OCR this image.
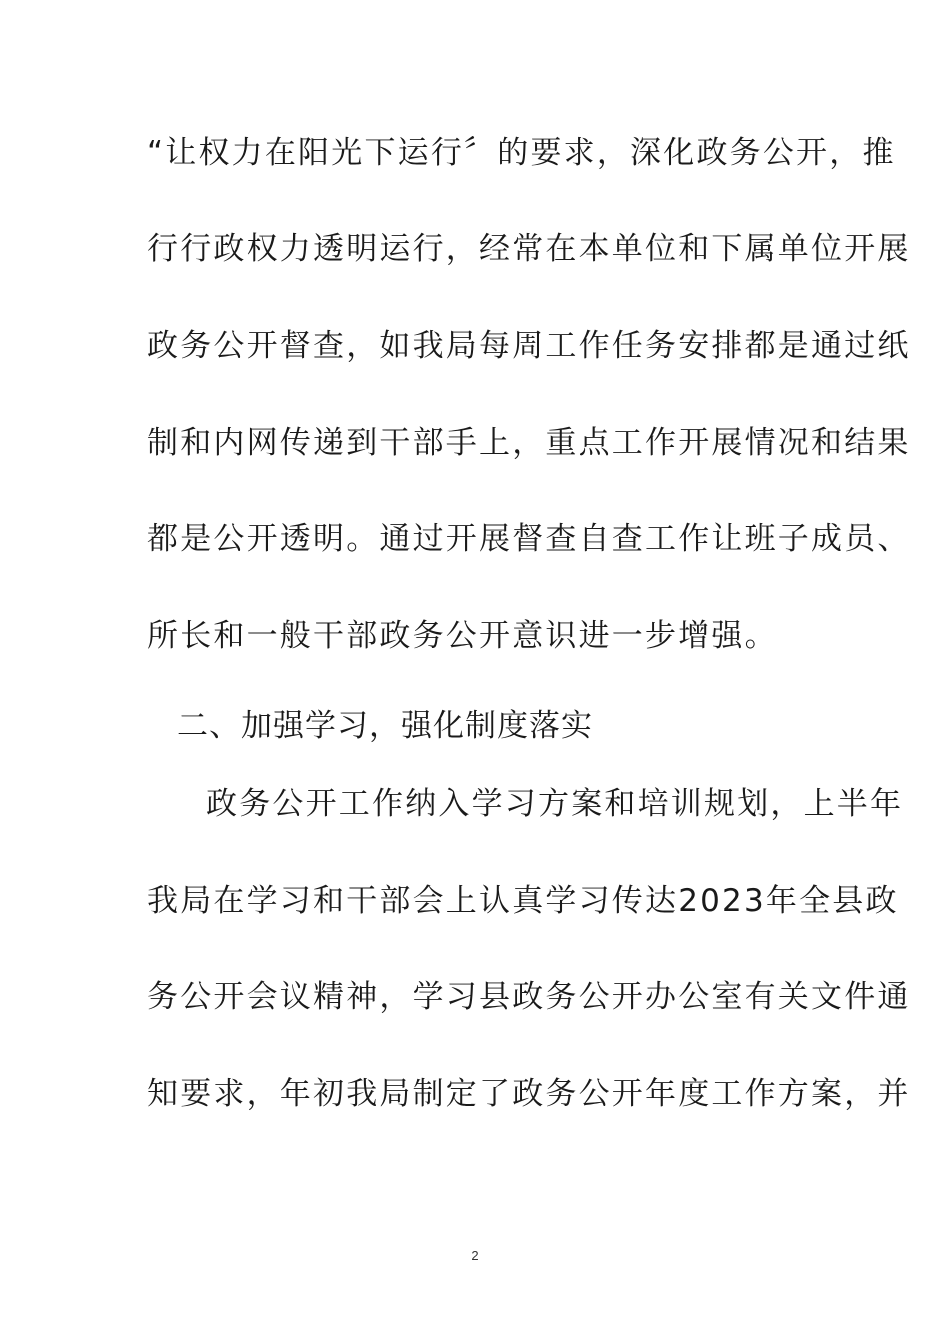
“让权力在阳光下运行〞的要求，深化政务公开，推
行行政权力透明运行，经常在本单位和下属单位开展
政务公开督查，如我局每周工作任务安排都是通过纸
制和内网传递到干部手上，重点工作开展情况和结果
都是公开透明。通过开展督查自查工作让班子成员、
所长和一般干部政务公开意识进一步增强。
二、加强学习，强化制度落实
政务公开工作纳入学习方案和培训规划，上半年
我局在学习和干部会上认真学习传达2023年全县政
务公开会议精神，学习县政务公开办公室有关文件通
知要求，年初我局制定了政务公开年度工作方案，并
2
